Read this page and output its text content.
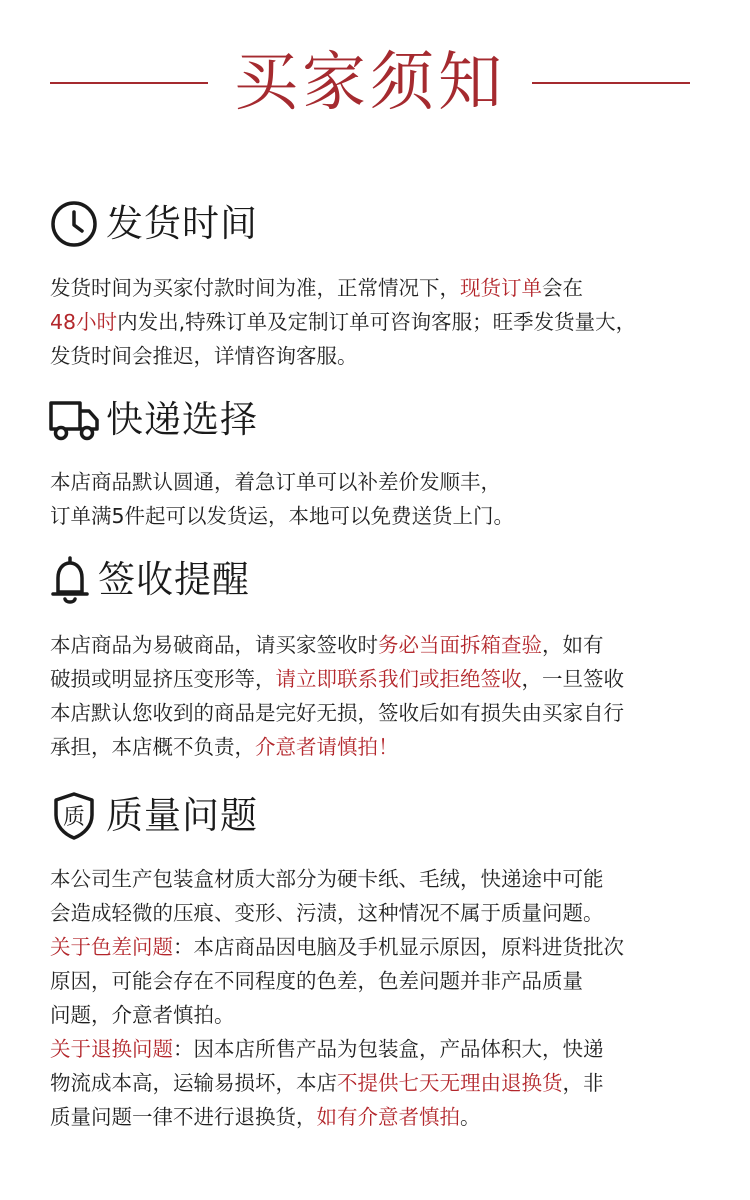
买家须知
发货时间
发货时间为买家付款时间为准，正常情况下，现货订单会在
48小时内发出,特殊订单及定制订单可咨询客服；旺季发货量大，
发货时间会推迟，详情咨询客服。
快递选择
本店商品默认圆通，着急订单可以补差价发顺丰，
订单满5件起可以发货运，本地可以免费送货上门。
签收提醒
本店商品为易破商品，请买家签收时务必当面拆箱查验，如有
破损或明显挤压变形等，请立即联系我们或拒绝签收，一旦签收
本店默认您收到的商品是完好无损，签收后如有损失由买家自行
承担，本店概不负责，介意者请慎拍！
质 质量问题
本公司生产包装盒材质大部分为硬卡纸、毛绒，快递途中可能
会造成轻微的压痕、变形、污渍，这种情况不属于质量问题。
关于色差问题：本店商品因电脑及手机显示原因，原料进货批次
原因，可能会存在不同程度的色差，色差问题并非产品质量
问题，介意者慎拍。
关于退换问题：因本店所售产品为包装盒，产品体积大，快递
物流成本高，运输易损坏，本店不提供七天无理由退换货，非
质量问题一律不进行退换货，如有介意者慎拍。
